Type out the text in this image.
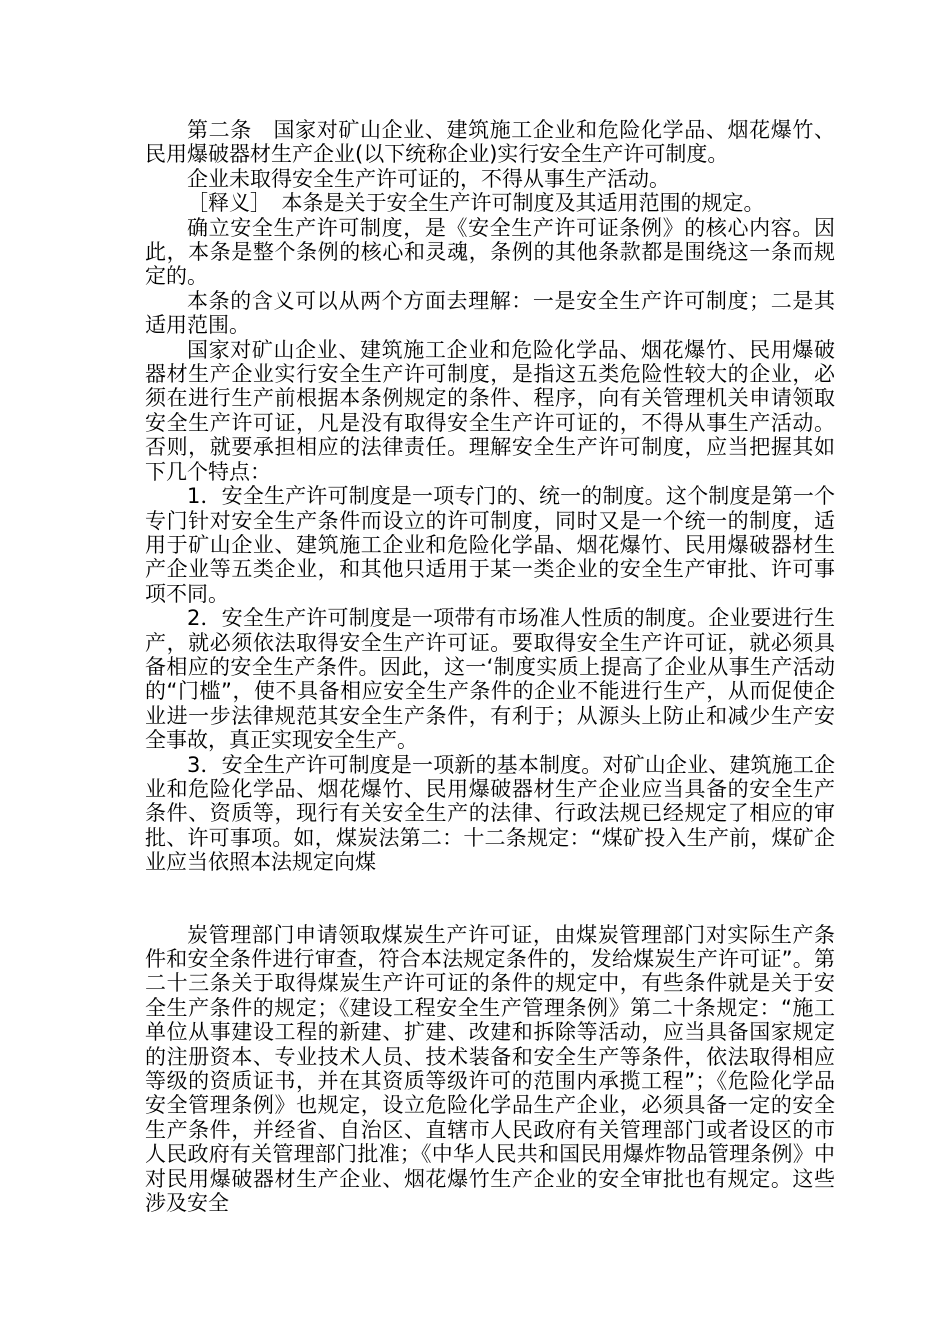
第二条　国家对矿山企业、建筑施工企业和危险化学品、烟花爆竹、民用爆破器材生产企业(以下统称企业)实行安全生产许可制度。

企业未取得安全生产许可证的，不得从事生产活动。

［释义］　本条是关于安全生产许可制度及其适用范围的规定。

确立安全生产许可制度，是《安全生产许可证条例》的核心内容。因此，本条是整个条例的核心和灵魂，条例的其他条款都是围绕这一条而规定的。

本条的含义可以从两个方面去理解：一是安全生产许可制度；二是其适用范围。

国家对矿山企业、建筑施工企业和危险化学品、烟花爆竹、民用爆破器材生产企业实行安全生产许可制度，是指这五类危险性较大的企业，必须在进行生产前根据本条例规定的条件、程序，向有关管理机关申请领取安全生产许可证，凡是没有取得安全生产许可证的，不得从事生产活动。否则，就要承担相应的法律责任。理解安全生产许可制度，应当把握其如下几个特点：

1．安全生产许可制度是一项专门的、统一的制度。这个制度是第一个专门针对安全生产条件而设立的许可制度，同时又是一个统一的制度，适用于矿山企业、建筑施工企业和危险化学晶、烟花爆竹、民用爆破器材生产企业等五类企业，和其他只适用于某一类企业的安全生产审批、许可事项不同。

2．安全生产许可制度是一项带有市场准人性质的制度。企业要进行生产，就必须依法取得安全生产许可证。要取得安全生产许可证，就必须具备相应的安全生产条件。因此，这一‘制度实质上提高了企业从事生产活动的“门槛”，使不具备相应安全生产条件的企业不能进行生产，从而促使企业进一步法律规范其安全生产条件，有利于；从源头上防止和减少生产安全事故，真正实现安全生产。

3．安全生产许可制度是一项新的基本制度。对矿山企业、建筑施工企业和危险化学品、烟花爆竹、民用爆破器材生产企业应当具备的安全生产条件、资质等，现行有关安全生产的法律、行政法规已经规定了相应的审批、许可事项。如，煤炭法第二：十二条规定：“煤矿投入生产前，煤矿企业应当依照本法规定向煤

炭管理部门申请领取煤炭生产许可证，由煤炭管理部门对实际生产条件和安全条件进行审查，符合本法规定条件的，发给煤炭生产许可证”。第二十三条关于取得煤炭生产许可证的条件的规定中，有些条件就是关于安全生产条件的规定；《建设工程安全生产管理条例》第二十条规定：“施工单位从事建设工程的新建、扩建、改建和拆除等活动，应当具备国家规定的注册资本、专业技术人员、技术装备和安全生产等条件，依法取得相应等级的资质证书，并在其资质等级许可的范围内承揽工程”；《危险化学品安全管理条例》也规定，设立危险化学品生产企业，必须具备一定的安全生产条件，并经省、自治区、直辖市人民政府有关管理部门或者设区的市人民政府有关管理部门批准；《中华人民共和国民用爆炸物品管理条例》中对民用爆破器材生产企业、烟花爆竹生产企业的安全审批也有规定。这些涉及安全
